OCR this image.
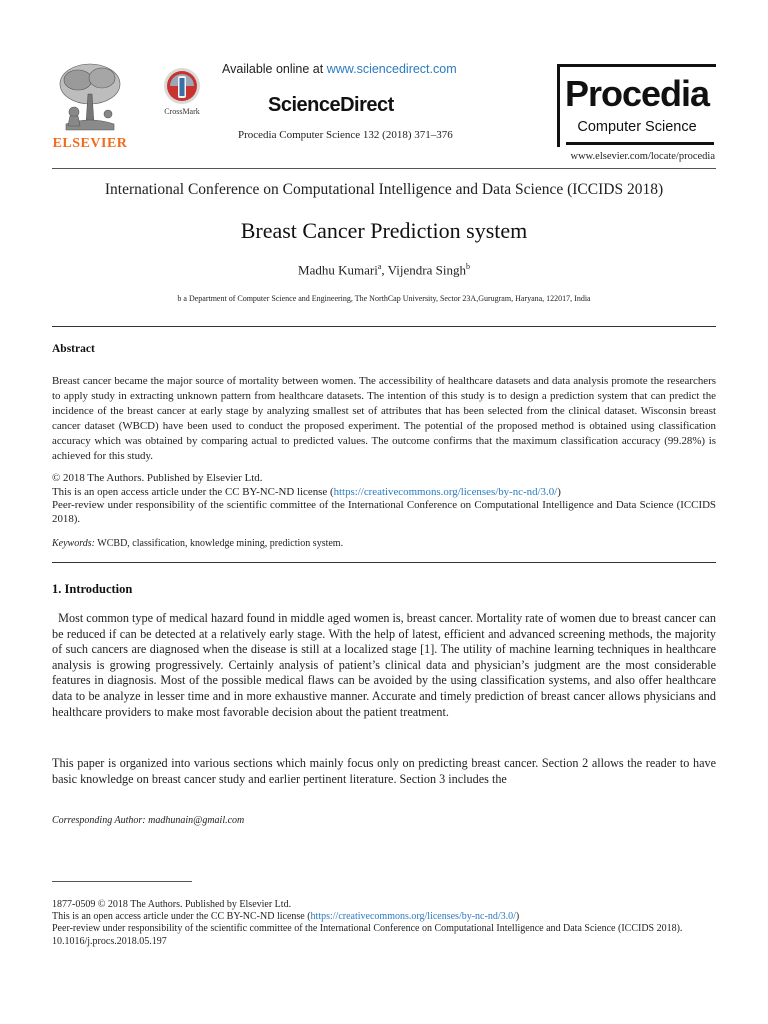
ELSEVIER
CrossMark
Available online at www.sciencedirect.com
ScienceDirect
Procedia Computer Science 132 (2018) 371–376
Procedia
Computer Science
www.elsevier.com/locate/procedia
International Conference on Computational Intelligence and Data Science (ICCIDS 2018)
Breast Cancer Prediction system
Madhu Kumari$^a$, Vijendra Singh$^b$
b a Department of Computer Science and Engineering, The NorthCap University, Sector 23A,Gurugram, Haryana, 122017, India
Abstract
Breast cancer became the major source of mortality between women. The accessibility of healthcare datasets and data analysis promote the researchers to apply study in extracting unknown pattern from healthcare datasets. The intention of this study is to design a prediction system that can predict the incidence of the breast cancer at early stage by analyzing smallest set of attributes that has been selected from the clinical dataset. Wisconsin breast cancer dataset (WBCD) have been used to conduct the proposed experiment. The potential of the proposed method is obtained using classification accuracy which was obtained by comparing actual to predicted values. The outcome confirms that the maximum classification accuracy (99.28%) is achieved for this study.
© 2018 The Authors. Published by Elsevier Ltd.
This is an open access article under the CC BY-NC-ND license (https://creativecommons.org/licenses/by-nc-nd/3.0/)
Peer-review under responsibility of the scientific committee of the International Conference on Computational Intelligence and Data Science (ICCIDS 2018).
Keywords: WCBD, classification, knowledge mining, prediction system.
1. Introduction
Most common type of medical hazard found in middle aged women is, breast cancer. Mortality rate of women due to breast cancer can be reduced if can be detected at a relatively early stage. With the help of latest, efficient and advanced screening methods, the majority of such cancers are diagnosed when the disease is still at a localized stage [1]. The utility of machine learning techniques in healthcare analysis is growing progressively. Certainly analysis of patient’s clinical data and physician’s judgment are the most considerable features in diagnosis. Most of the possible medical flaws can be avoided by the using classification systems, and also offer healthcare data to be analyze in lesser time and in more exhaustive manner. Accurate and timely prediction of breast cancer allows physicians and healthcare providers to make most favorable decision about the patient treatment.
This paper is organized into various sections which mainly focus only on predicting breast cancer. Section 2 allows the reader to have basic knowledge on breast cancer study and earlier pertinent literature. Section 3 includes the
Corresponding Author: madhunain@gmail.com
1877-0509 © 2018 The Authors. Published by Elsevier Ltd.
This is an open access article under the CC BY-NC-ND license (https://creativecommons.org/licenses/by-nc-nd/3.0/)
Peer-review under responsibility of the scientific committee of the International Conference on Computational Intelligence and Data Science (ICCIDS 2018).
10.1016/j.procs.2018.05.197
